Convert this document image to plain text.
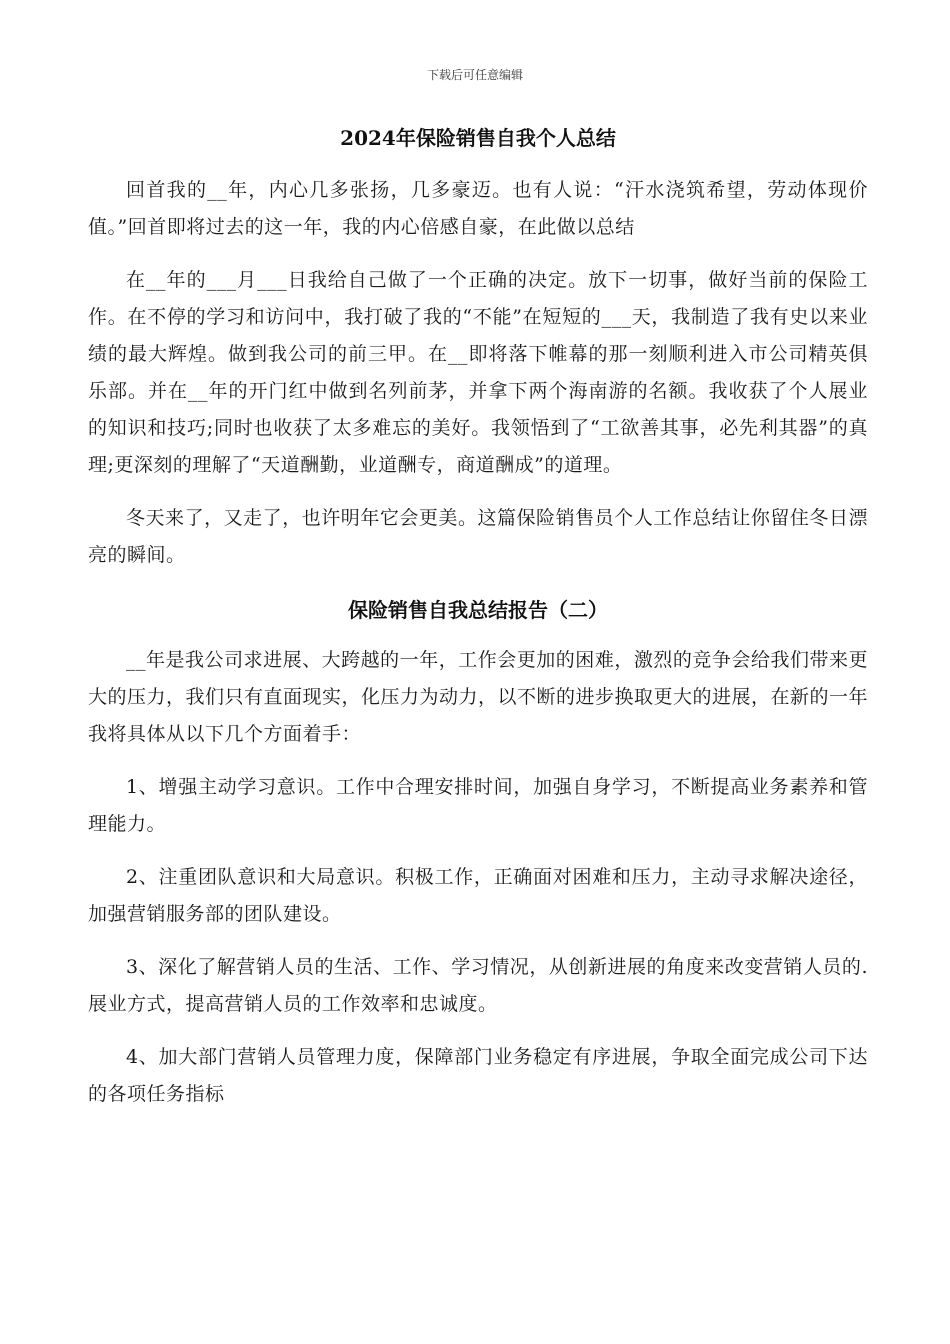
下载后可任意编辑
2024年保险销售自我个人总结

回首我的__年，内心几多张扬，几多豪迈。也有人说：“汗水浇筑希望，劳动体现价值。”回首即将过去的这一年，我的内心倍感自豪，在此做以总结

在__年的___月___日我给自己做了一个正确的决定。放下一切事，做好当前的保险工作。在不停的学习和访问中，我打破了我的“不能”在短短的___天，我制造了我有史以来业绩的最大辉煌。做到我公司的前三甲。在__即将落下帷幕的那一刻顺利进入市公司精英俱乐部。并在__年的开门红中做到名列前茅，并拿下两个海南游的名额。我收获了个人展业的知识和技巧;同时也收获了太多难忘的美好。我领悟到了“工欲善其事，必先利其器”的真理;更深刻的理解了“天道酬勤，业道酬专，商道酬成”的道理。

冬天来了，又走了，也许明年它会更美。这篇保险销售员个人工作总结让你留住冬日漂亮的瞬间。

保险销售自我总结报告（二）

__年是我公司求进展、大跨越的一年，工作会更加的困难，激烈的竞争会给我们带来更大的压力，我们只有直面现实，化压力为动力，以不断的进步换取更大的进展，在新的一年我将具体从以下几个方面着手：

1、增强主动学习意识。工作中合理安排时间，加强自身学习，不断提高业务素养和管理能力。

2、注重团队意识和大局意识。积极工作，正确面对困难和压力，主动寻求解决途径，加强营销服务部的团队建设。

3、深化了解营销人员的生活、工作、学习情况，从创新进展的角度来改变营销人员的.展业方式，提高营销人员的工作效率和忠诚度。

4、加大部门营销人员管理力度，保障部门业务稳定有序进展，争取全面完成公司下达的各项任务指标
